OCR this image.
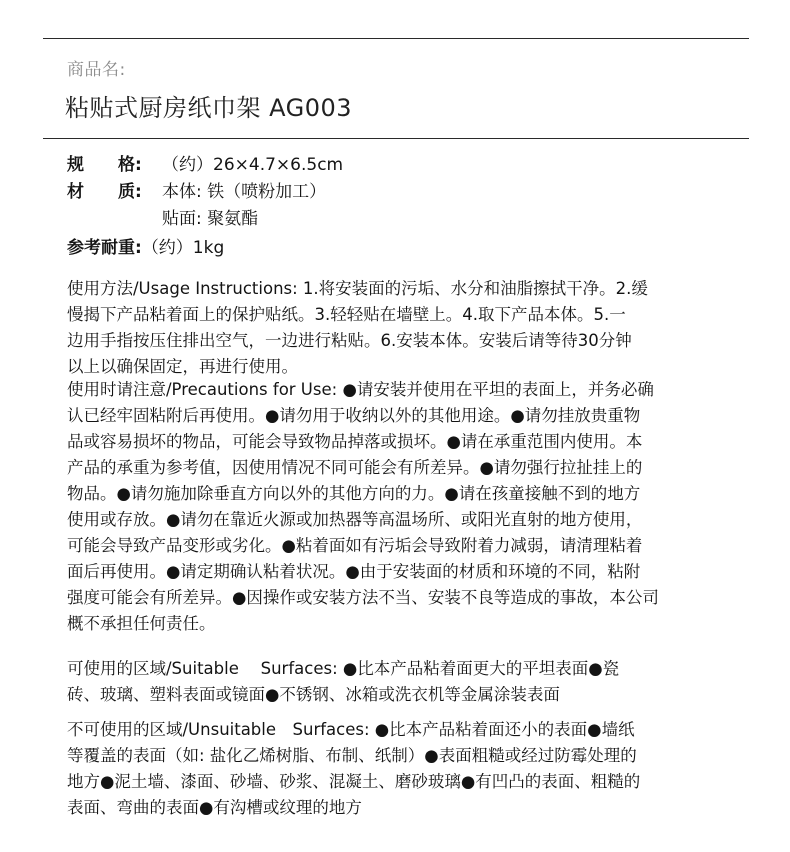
商品名:
粘贴式厨房纸巾架 AG003
规　　格: （约）26×4.7×6.5cm
材　　质: 本体: 铁（喷粉加工）
贴面: 聚氨酯
参考耐重:（约）1kg
使用方法/Usage Instructions: 1.将安装面的污垢、水分和油脂擦拭干净。2.缓
慢揭下产品粘着面上的保护贴纸。3.轻轻贴在墙壁上。4.取下产品本体。5.一
边用手指按压住排出空气，一边进行粘贴。6.安装本体。安装后请等待30分钟
以上以确保固定，再进行使用。
使用时请注意/Precautions for Use: ●请安装并使用在平坦的表面上，并务必确
认已经牢固粘附后再使用。●请勿用于收纳以外的其他用途。●请勿挂放贵重物
品或容易损坏的物品，可能会导致物品掉落或损坏。●请在承重范围内使用。本
产品的承重为参考值，因使用情况不同可能会有所差异。●请勿强行拉扯挂上的
物品。●请勿施加除垂直方向以外的其他方向的力。●请在孩童接触不到的地方
使用或存放。●请勿在靠近火源或加热器等高温场所、或阳光直射的地方使用，
可能会导致产品变形或劣化。●粘着面如有污垢会导致附着力减弱，请清理粘着
面后再使用。●请定期确认粘着状况。●由于安装面的材质和环境的不同，粘附
强度可能会有所差异。●因操作或安装方法不当、安装不良等造成的事故，本公司
概不承担任何责任。
可使用的区域/Suitable　 Surfaces: ●比本产品粘着面更大的平坦表面●瓷
砖、玻璃、塑料表面或镜面●不锈钢、冰箱或洗衣机等金属涂装表面
不可使用的区域/Unsuitable　Surfaces: ●比本产品粘着面还小的表面●墙纸
等覆盖的表面（如: 盐化乙烯树脂、布制、纸制）●表面粗糙或经过防霉处理的
地方●泥土墙、漆面、砂墙、砂浆、混凝土、磨砂玻璃●有凹凸的表面、粗糙的
表面、弯曲的表面●有沟槽或纹理的地方
